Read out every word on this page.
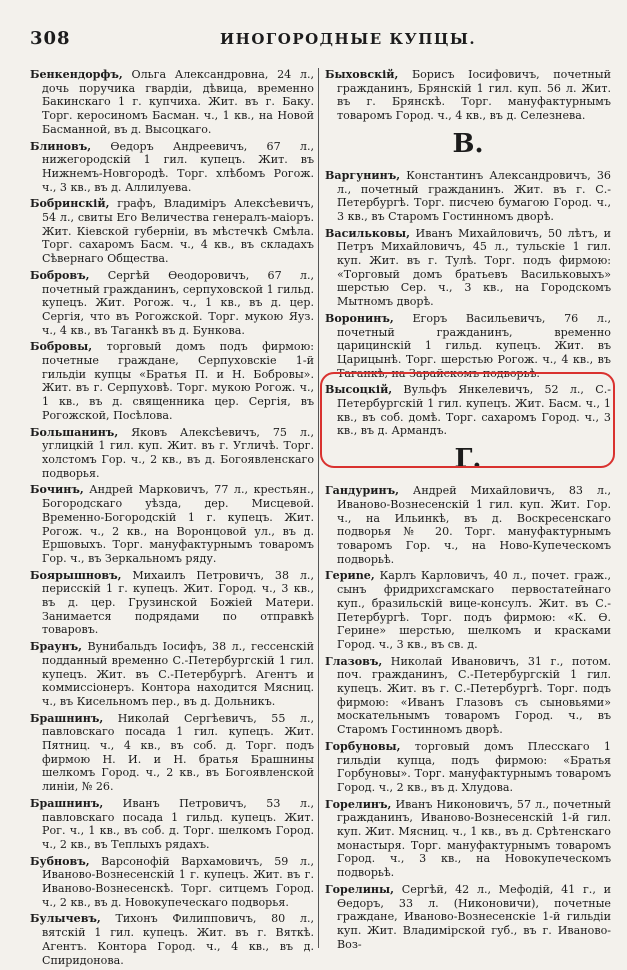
308	ИНОГОРОДНЫЕ КУПЦЫ.

Бенкендорфъ, Ольга Александровна, 24 л., дочь поручика гвардіи, дѣвица, временно Бакинскаго 1 г. купчиха. Жит. въ г. Баку. Торг. керосиномъ Басман. ч., 1 кв., на Новой Басманной, въ д. Высоцкаго.

Блиновъ, Ѳедоръ Андреевичъ, 67 л., нижегородскій 1 гил. купецъ. Жит. въ Нижнемъ-Новгородѣ. Торг. хлѣбомъ Рогож. ч., 3 кв., въ д. Аллилуева.

Бобринскій, графъ, Владиміръ Алексѣевичъ, 54 л., свиты Его Величества генералъ-маіоръ. Жит. Кіевской губерніи, въ мѣстечкѣ Смѣла. Торг. сахаромъ Басм. ч., 4 кв., въ складахъ Сѣвернаго Общества.

Бобровъ, Сергѣй Ѳеодоровичъ, 67 л., почетный гражданинъ, серпуховской 1 гильд. купецъ. Жит. Рогож. ч., 1 кв., въ д. цер. Сергія, что въ Рогожской. Торг. мукою Яуз. ч., 4 кв., въ Таганкѣ въ д. Бункова.

Бобровы, торговый домъ подъ фирмою: почетные граждане, Серпуховскіе 1-й гильдіи купцы «Братья П. и Н. Бобровы». Жит. въ г. Серпуховѣ. Торг. мукою Рогож. ч., 1 кв., въ д. священника цер. Сергія, въ Рогожской, Посѣлова.

Большанинъ, Яковъ Алексѣевичъ, 75 л., углицкій 1 гил. куп. Жит. въ г. Угличѣ. Торг. холстомъ Гор. ч., 2 кв., въ д. Богоявленскаго подворья.

Бочинъ, Андрей Марковичъ, 77 л., крестьян., Богородскаго уѣзда, дер. Мисцевой. Временно-Богородскій 1 г. купецъ. Жит. Рогож. ч., 2 кв., на Воронцовой ул., въ д. Ершовыхъ. Торг. мануфактурнымъ товаромъ Гор. ч., въ Зеркальномъ ряду.

Боярышновъ, Михаилъ Петровичъ, 38 л., перисскій 1 г. купецъ. Жит. Город. ч., 3 кв., въ д. цер. Грузинской Божіей Матери. Занимается подрядами по отправкѣ товаровъ.

Браунъ, Вунибальдъ Іосифъ, 38 л., гессенскій подданный временно С.-Петербургскій 1 гил. купецъ. Жит. въ С.-Петербургѣ. Агентъ и коммиссіонеръ. Контора находится Мясниц. ч., въ Кисельномъ пер., въ д. Дольникъ.

Брашнинъ, Николай Сергѣевичъ, 55 л., павловскаго посада 1 гил. купецъ. Жит. Пятниц. ч., 4 кв., въ соб. д. Торг. подъ фирмою Н. И. и Н. братья Брашнины шелкомъ Город. ч., 2 кв., въ Богоявленской линіи, № 26.

Брашнинъ, Иванъ Петровичъ, 53 л., павловскаго посада 1 гильд. купецъ. Жит. Рог. ч., 1 кв., въ соб. д. Торг. шелкомъ Город. ч., 2 кв., въ Теплыхъ рядахъ.

Бубновъ, Варсонофій Вархамовичъ, 59 л., Иваново-Вознесенскій 1 г. купецъ. Жит. въ г. Иваново-Вознесенскѣ. Торг. ситцемъ Город. ч., 2 кв., въ д. Новокупеческаго подворья.

Булычевъ, Тихонъ Филипповичъ, 80 л., вятскій 1 гил. купецъ. Жит. въ г. Вяткѣ. Агентъ. Контора Город. ч., 4 кв., въ д. Спиридонова.

Быховскій, Борисъ Іосифовичъ, почетный гражданинъ, Брянскій 1 гил. куп. 56 л. Жит. въ г. Брянскѣ. Торг. мануфактурнымъ товаромъ Город. ч., 4 кв., въ д. Селезнева.

В.

Варгунинъ, Константинъ Александровичъ, 36 л., почетный гражданинъ. Жит. въ г. С.-Петербургѣ. Торг. писчею бумагою Город. ч., 3 кв., въ Старомъ Гостинномъ дворѣ.

Васильковы, Иванъ Михайловичъ, 50 лѣтъ, и Петръ Михайловичъ, 45 л., тульскіе 1 гил. куп. Жит. въ г. Тулѣ. Торг. подъ фирмою: «Торговый домъ братьевъ Васильковыхъ» шерстью Сер. ч., 3 кв., на Городскомъ Мытномъ дворѣ.

Воронинъ, Егоръ Васильевичъ, 76 л., почетный гражданинъ, временно царицинскій 1 гильд. купецъ. Жит. въ Царицынѣ. Торг. шерстью Рогож. ч., 4 кв., въ Таганкѣ, на Зарайскомъ подворьѣ.

Высоцкій, Вульфъ Янкелевичъ, 52 л., С.-Петербургскій 1 гил. купецъ. Жит. Басм. ч., 1 кв., въ соб. домѣ. Торг. сахаромъ Город. ч., 3 кв., въ д. Армандъ.

Г.

Гандуринъ, Андрей Михайловичъ, 83 л., Иваново-Вознесенскій 1 гил. куп. Жит. Гор. ч., на Ильинкѣ, въ д. Воскресенскаго подворья № 20. Торг. мануфактурнымъ товаромъ Гор. ч., на Ново-Купеческомъ подворьѣ.

Гериne, Карлъ Карловичъ, 40 л., почет. граж., сынъ фридрихсгамскаго первостатейнаго куп., бразильскій вице-консулъ. Жит. въ С.-Петербургѣ. Торг. подъ фирмою: «К. Ѳ. Герине» шерстью, шелкомъ и красками Город. ч., 3 кв., въ св. д.

Глазовъ, Николай Ивановичъ, 31 г., потом. поч. гражданинъ, С.-Петербургскій 1 гил. купецъ. Жит. въ г. С.-Петербургѣ. Торг. подъ фирмою: «Иванъ Глазовъ съ сыновьями» москательнымъ товаромъ Город. ч., въ Старомъ Гостинномъ дворѣ.

Горбуновы, торговый домъ Плесскаго 1 гильдіи купца, подъ фирмою: «Братья Горбуновы». Торг. мануфактурнымъ товаромъ Город. ч., 2 кв., въ д. Хлудова.

Горелинъ, Иванъ Никоновичъ, 57 л., почетный гражданинъ, Иваново-Вознесенскій 1-й гил. куп. Жит. Мясниц. ч., 1 кв., въ д. Срѣтенскаго монастыря. Торг. мануфактурнымъ товаромъ Город. ч., 3 кв., на Новокупеческомъ подворьѣ.

Горелины, Сергѣй, 42 л., Мефодій, 41 г., и Ѳедоръ, 33 л. (Никоновичи), почетные граждане, Иваново-Вознесенскіе 1-й гильдіи куп. Жит. Владимірской губ., въ г. Иваново-Воз-
